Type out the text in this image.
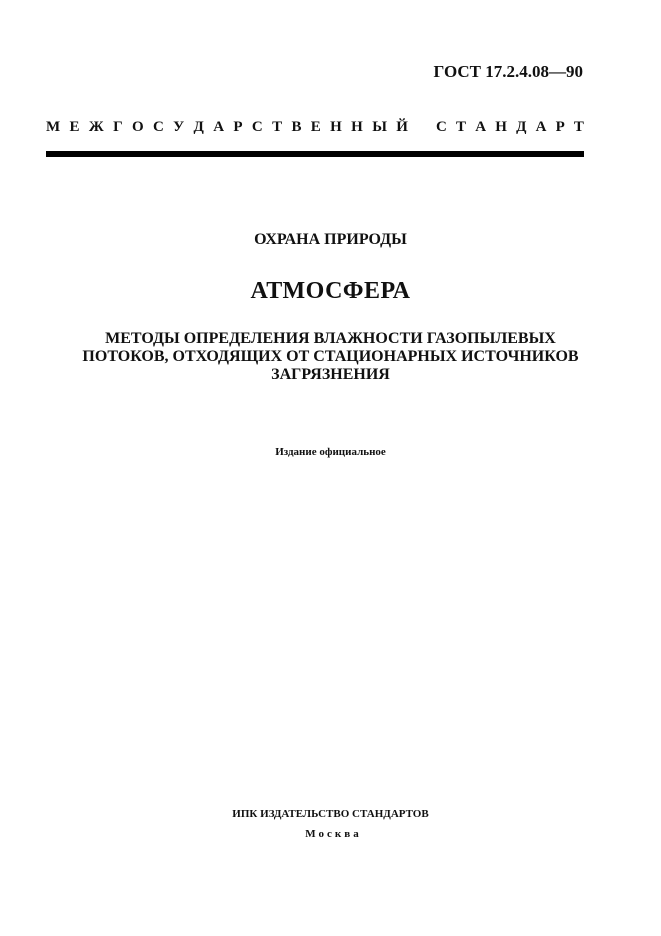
ГОСТ 17.2.4.08—90
М Е Ж Г О С У Д А Р С Т В Е Н Н Ы Й С Т А Н Д А Р Т
ОХРАНА ПРИРОДЫ
АТМОСФЕРА
МЕТОДЫ ОПРЕДЕЛЕНИЯ ВЛАЖНОСТИ ГАЗОПЫЛЕВЫХ
ПОТОКОВ, ОТХОДЯЩИХ ОТ СТАЦИОНАРНЫХ ИСТОЧНИКОВ
ЗАГРЯЗНЕНИЯ
Издание официальное
ИПК ИЗДАТЕЛЬСТВО СТАНДАРТОВ
Москва
